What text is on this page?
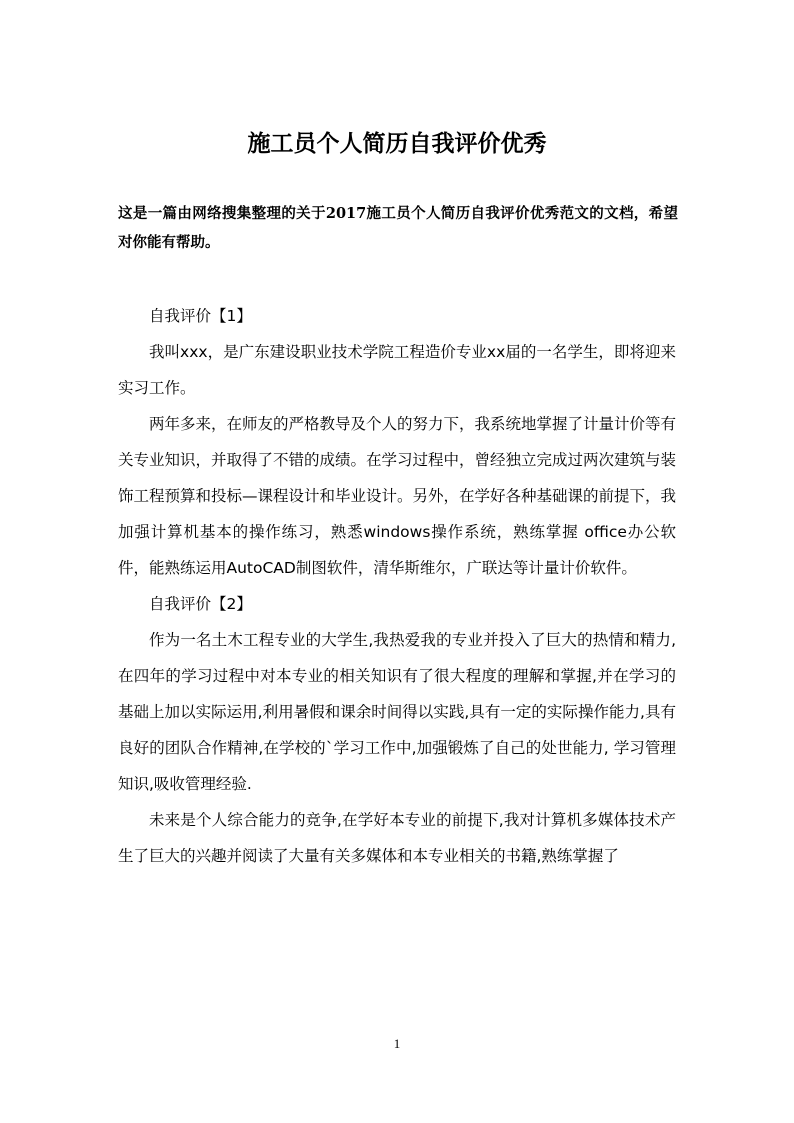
施工员个人简历自我评价优秀

这是一篇由网络搜集整理的关于2017施工员个人简历自我评价优秀范文的文档，希望对你能有帮助。

自我评价【1】

我叫xxx，是广东建设职业技术学院工程造价专业xx届的一名学生，即将迎来实习工作。

两年多来，在师友的严格教导及个人的努力下，我系统地掌握了计量计价等有关专业知识，并取得了不错的成绩。在学习过程中，曾经独立完成过两次建筑与装饰工程预算和投标—课程设计和毕业设计。另外，在学好各种基础课的前提下，我加强计算机基本的操作练习，熟悉windows操作系统，熟练掌握 office办公软件，能熟练运用AutoCAD制图软件，清华斯维尔，广联达等计量计价软件。

自我评价【2】

作为一名土木工程专业的大学生,我热爱我的专业并投入了巨大的热情和精力,在四年的学习过程中对本专业的相关知识有了很大程度的理解和掌握,并在学习的基础上加以实际运用,利用暑假和课余时间得以实践,具有一定的实际操作能力,具有良好的团队合作精神,在学校的`学习工作中,加强锻炼了自己的处世能力, 学习管理知识,吸收管理经验.

未来是个人综合能力的竞争,在学好本专业的前提下,我对计算机多媒体技术产生了巨大的兴趣并阅读了大量有关多媒体和本专业相关的书籍,熟练掌握了

1
